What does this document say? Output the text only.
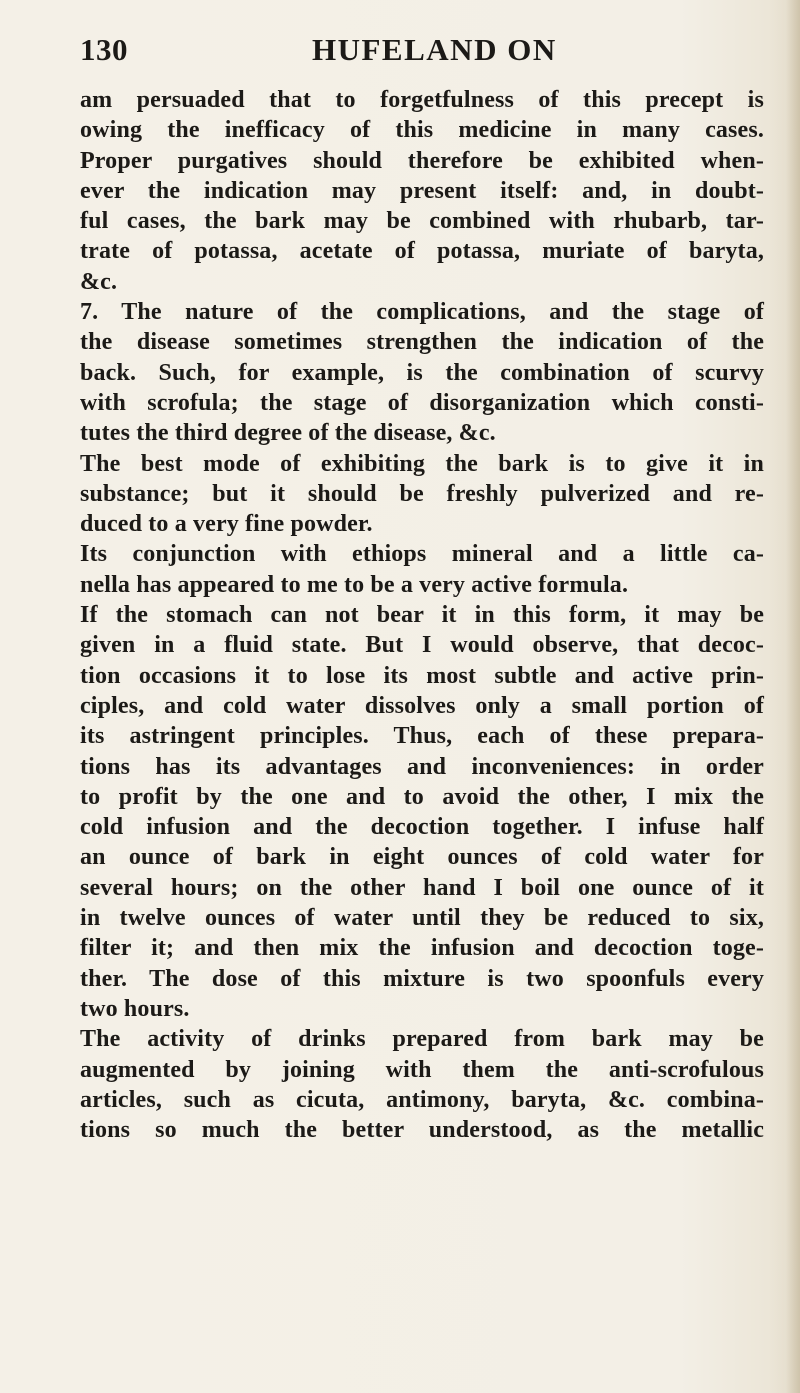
130	HUFELAND ON
am persuaded that to forgetfulness of this precept is
owing the inefficacy of this medicine in many cases.
Proper purgatives should therefore be exhibited when-
ever the indication may present itself: and, in doubt-
ful cases, the bark may be combined with rhubarb, tar-
trate of potassa, acetate of potassa, muriate of baryta,
&c.
7. The nature of the complications, and the stage of
the disease sometimes strengthen the indication of the
back. Such, for example, is the combination of scurvy
with scrofula; the stage of disorganization which consti-
tutes the third degree of the disease, &c.
The best mode of exhibiting the bark is to give it in
substance; but it should be freshly pulverized and re-
duced to a very fine powder.
Its conjunction with ethiops mineral and a little ca-
nella has appeared to me to be a very active formula.
If the stomach can not bear it in this form, it may be
given in a fluid state. But I would observe, that decoc-
tion occasions it to lose its most subtle and active prin-
ciples, and cold water dissolves only a small portion of
its astringent principles. Thus, each of these prepara-
tions has its advantages and inconveniences: in order
to profit by the one and to avoid the other, I mix the
cold infusion and the decoction together. I infuse half
an ounce of bark in eight ounces of cold water for
several hours; on the other hand I boil one ounce of it
in twelve ounces of water until they be reduced to six,
filter it; and then mix the infusion and decoction toge-
ther. The dose of this mixture is two spoonfuls every
two hours.
The activity of drinks prepared from bark may be
augmented by joining with them the anti-scrofulous
articles, such as cicuta, antimony, baryta, &c. combina-
tions so much the better understood, as the metallic
